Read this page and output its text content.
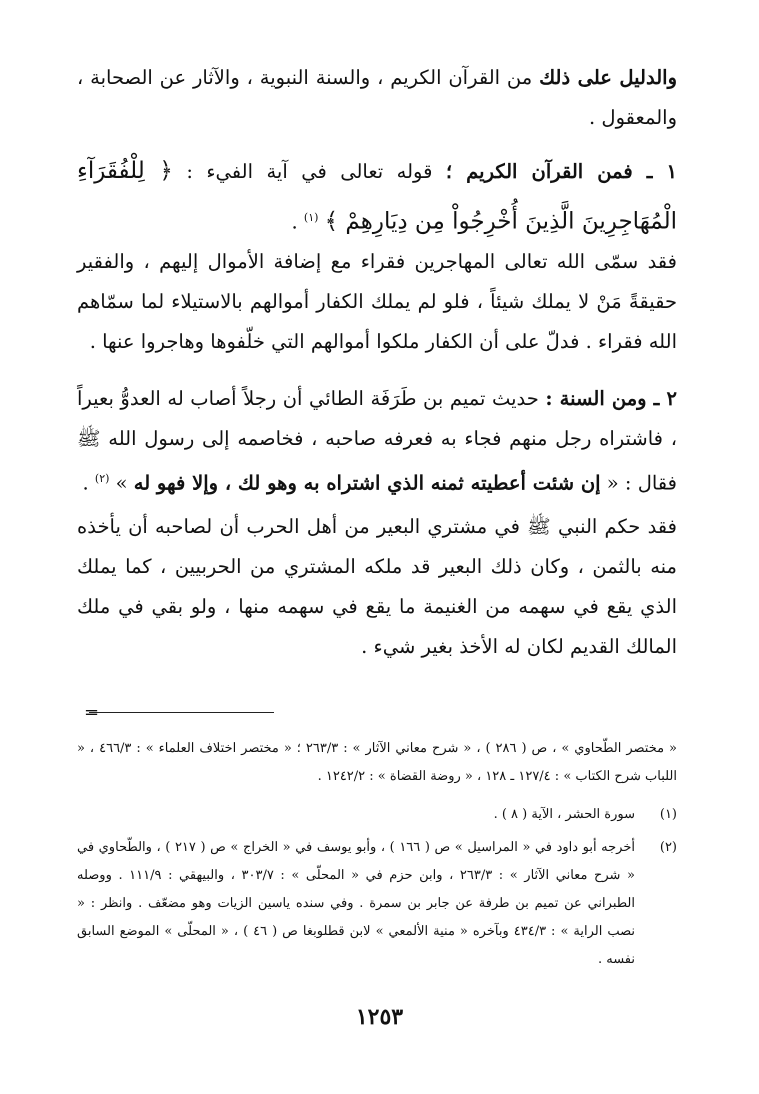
والدليل على ذلك من القرآن الكريم ، والسنة النبوية ، والآثار عن الصحابة ، والمعقول .

١ ـ فمن القرآن الكريم ؛ قوله تعالى في آية الفيء : ﴿ لِلْفُقَرَآءِ الْمُهَاجِرِينَ الَّذِينَ أُخْرِجُواْ مِن دِيَارِهِمْ ﴾ $^{(١)}$ .

فقد سمّى الله تعالى المهاجرين فقراء مع إضافة الأموال إليهم ، والفقير حقيقةً مَنْ لا يملك شيئاً ، فلو لم يملك الكفار أموالهم بالاستيلاء لما سمّاهم الله فقراء . فدلّ على أن الكفار ملكوا أموالهم التي خلّفوها وهاجروا عنها .

٢ ـ ومن السنة : حديث تميم بن طَرَفَة الطائي أن رجلاً أصاب له العدوُّ بعيراً ، فاشتراه رجل منهم فجاء به فعرفه صاحبه ، فخاصمه إلى رسول الله ﷺ فقال : « إن شئت أعطيته ثمنه الذي اشتراه به وهو لك ، وإلا فهو له » $^{(٢)}$ .

فقد حكم النبي ﷺ في مشتري البعير من أهل الحرب أن لصاحبه أن يأخذه منه بالثمن ، وكان ذلك البعير قد ملكه المشتري من الحربيين ، كما يملك الذي يقع في سهمه من الغنيمة ما يقع في سهمه منها ، ولو بقي في ملك المالك القديم لكان له الأخذ بغير شيء .

=

« مختصر الطّحاوي » ، ص ( ٢٨٦ ) ، « شرح معاني الآثار » : ٢٦٣/٣ ؛ « مختصر اختلاف العلماء » : ٤٦٦/٣ ، « اللباب شرح الكتاب » : ١٢٧/٤ ـ ١٢٨ ، « روضة القضاة » : ١٢٤٢/٢ .

(١)
سورة الحشر ، الآية ( ٨ ) .
(٢)
أخرجه أبو داود في « المراسيل » ص ( ١٦٦ ) ، وأبو يوسف في « الخراج » ص ( ٢١٧ ) ، والطّحاوي في « شرح معاني الآثار » : ٢٦٣/٣ ، وابن حزم في « المحلّى » : ٣٠٣/٧ ، والبيهقي : ١١١/٩ . ووصله الطبراني عن تميم بن طرفة عن جابر بن سمرة . وفي سنده ياسين الزيات وهو مضعّف . وانظر : « نصب الراية » : ٤٣٤/٣ وبآخره « منية الألمعي » لابن قطلوبغا ص ( ٤٦ ) ، « المحلّى » الموضع السابق نفسه .
١٢٥٣
